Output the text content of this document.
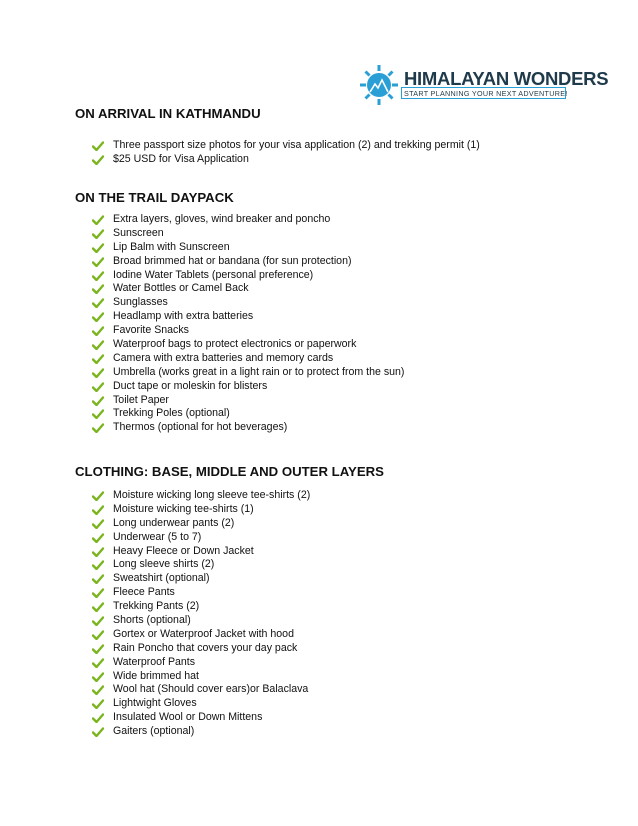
HIMALAYAN WONDERS
START PLANNING YOUR NEXT ADVENTURE!
ON ARRIVAL IN KATHMANDU
Three passport size photos for your visa application (2) and trekking permit (1)
$25 USD for Visa Application
ON THE TRAIL DAYPACK
Extra layers, gloves, wind breaker and poncho
Sunscreen
Lip Balm with Sunscreen
Broad brimmed hat or bandana (for sun protection)
Iodine Water Tablets (personal preference)
Water Bottles or Camel Back
Sunglasses
Headlamp with extra batteries
Favorite Snacks
Waterproof bags to protect electronics or paperwork
Camera with extra batteries and memory cards
Umbrella (works great in a light rain or to protect from the sun)
Duct tape or moleskin for blisters
Toilet Paper
Trekking Poles (optional)
Thermos (optional for hot beverages)
CLOTHING: BASE, MIDDLE AND OUTER LAYERS
Moisture wicking long sleeve tee-shirts (2)
Moisture wicking tee-shirts (1)
Long underwear pants (2)
Underwear (5 to 7)
Heavy Fleece or Down Jacket
Long sleeve shirts (2)
Sweatshirt (optional)
Fleece Pants
Trekking Pants (2)
Shorts (optional)
Gortex or Waterproof Jacket with hood
Rain Poncho that covers your day pack
Waterproof Pants
Wide brimmed hat
Wool hat (Should cover ears)or Balaclava
Lightwight Gloves
Insulated Wool or Down Mittens
Gaiters (optional)
